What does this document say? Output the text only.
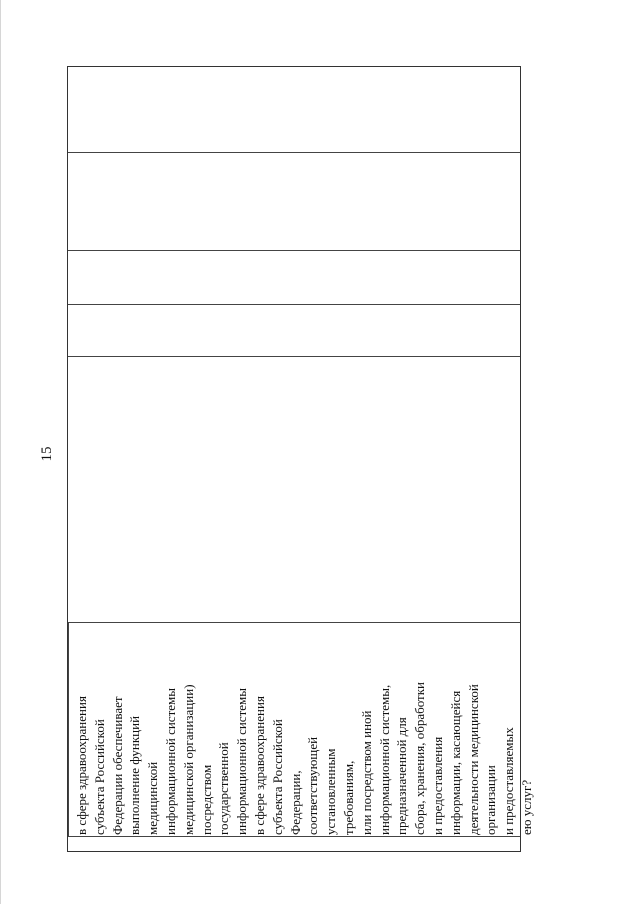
15
в сфере здравоохранения субъекта Российской Федерации обеспечивает выполнение функций медицинской информационной системы медицинской организации) посредством государственной информационной системы в сфере здравоохранения субъекта Российской Федерации, соответствующей установленным требованиям, или посредством иной информационной системы, предназначенной для сбора, хранения, обработки и предоставления информации, касающейся деятельности медицинской организации и предоставляемых ею услуг?
